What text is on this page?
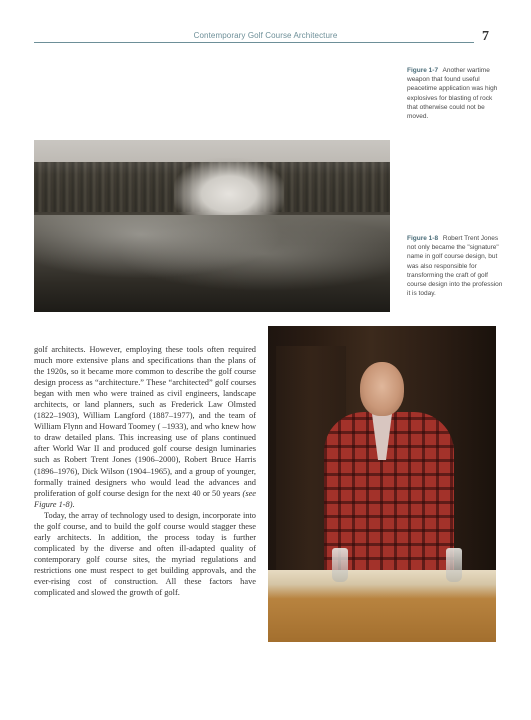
Contemporary Golf Course Architecture	7
Figure 1-7 Another wartime weapon that found useful peacetime application was high explosives for blasting of rock that otherwise could not be moved.
Figure 1-8 Robert Trent Jones not only became the "signature" name in golf course design, but was also responsible for transforming the craft of golf course design into the profession it is today.

golf architects. However, employing these tools often required much more extensive plans and specifications than the plans of the 1920s, so it became more common to describe the golf course design process as “architecture.” These “architected” golf courses began with men who were trained as civil engineers, landscape architects, or land planners, such as Frederick Law Olmsted (1822–1903), William Langford (1887–1977), and the team of William Flynn and Howard Toomey ( –1933), and who knew how to draw detailed plans. This increasing use of plans continued after World War II and produced golf course design luminaries such as Robert Trent Jones (1906–2000), Robert Bruce Harris (1896–1976), Dick Wilson (1904–1965), and a group of younger, formally trained designers who would lead the advances and proliferation of golf course design for the next 40 or 50 years (see Figure 1-8).

Today, the array of technology used to design, incorporate into the golf course, and to build the golf course would stagger these early architects. In addition, the process today is further complicated by the diverse and often ill-adapted quality of contemporary golf course sites, the myriad regulations and restrictions one must respect to get building approvals, and the ever-rising cost of construction. All these factors have complicated and slowed the growth of golf.
